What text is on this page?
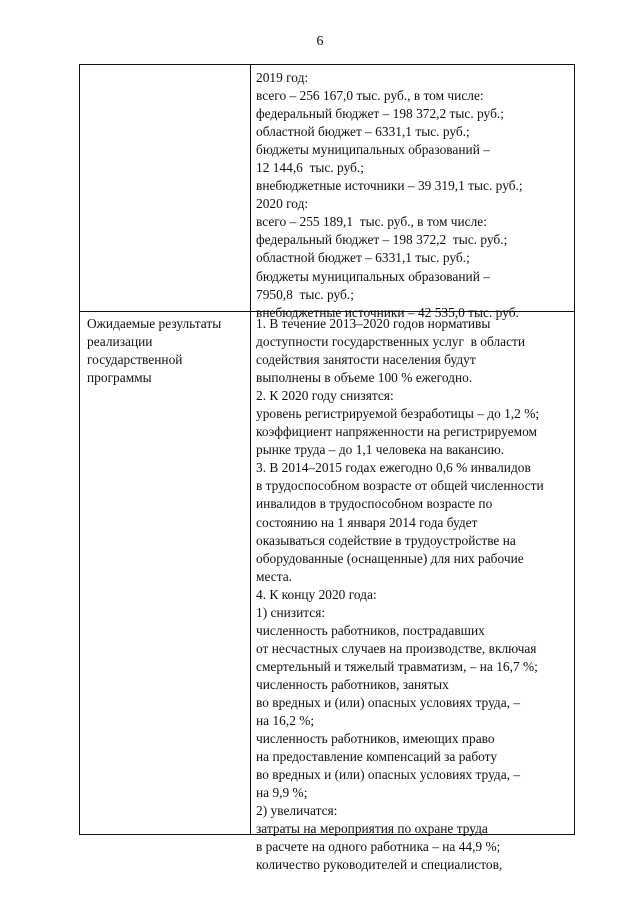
6
2019 год:
всего – 256 167,0 тыс. руб., в том числе:
федеральный бюджет – 198 372,2 тыс. руб.;
областной бюджет – 6331,1 тыс. руб.;
бюджеты муниципальных образований –
12 144,6  тыс. руб.;
внебюджетные источники – 39 319,1 тыс. руб.;
2020 год:
всего – 255 189,1  тыс. руб., в том числе:
федеральный бюджет – 198 372,2  тыс. руб.;
областной бюджет – 6331,1 тыс. руб.;
бюджеты муниципальных образований –
7950,8  тыс. руб.;
внебюджетные источники – 42 535,0 тыс. руб.
Ожидаемые результаты
реализации
государственной
программы
1. В течение 2013–2020 годов нормативы
доступности государственных услуг  в области
содействия занятости населения будут
выполнены в объеме 100 % ежегодно.
2. К 2020 году снизятся:
уровень регистрируемой безработицы – до 1,2 %;
коэффициент напряженности на регистрируемом
рынке труда – до 1,1 человека на вакансию.
3. В 2014–2015 годах ежегодно 0,6 % инвалидов
в трудоспособном возрасте от общей численности
инвалидов в трудоспособном возрасте по
состоянию на 1 января 2014 года будет
оказываться содействие в трудоустройстве на
оборудованные (оснащенные) для них рабочие
места.
4. К концу 2020 года:
1) снизится:
численность работников, пострадавших
от несчастных случаев на производстве, включая
смертельный и тяжелый травматизм, – на 16,7 %;
численность работников, занятых
во вредных и (или) опасных условиях труда, –
на 16,2 %;
численность работников, имеющих право
на предоставление компенсаций за работу
во вредных и (или) опасных условиях труда, –
на 9,9 %;
2) увеличатся:
затраты на мероприятия по охране труда
в расчете на одного работника – на 44,9 %;
количество руководителей и специалистов,
